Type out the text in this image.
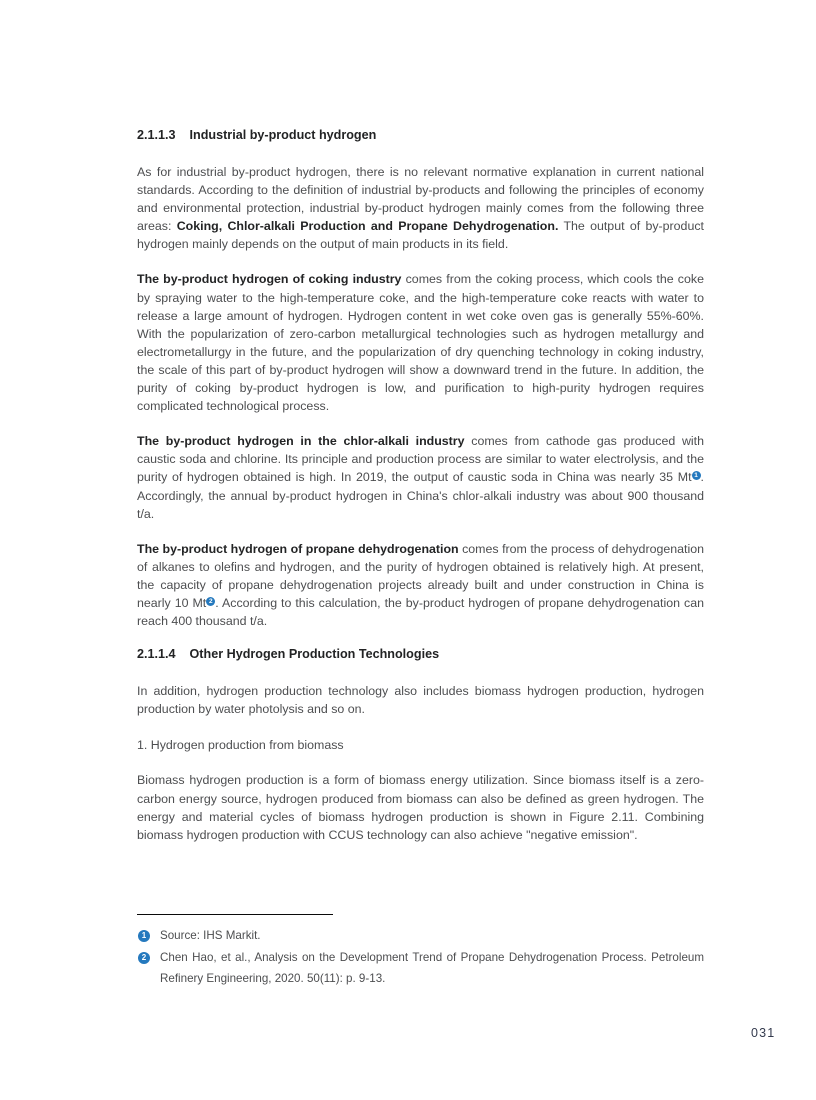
2.1.1.3 Industrial by-product hydrogen
As for industrial by-product hydrogen, there is no relevant normative explanation in current national standards. According to the definition of industrial by-products and following the principles of economy and environmental protection, industrial by-product hydrogen mainly comes from the following three areas: Coking, Chlor-alkali Production and Propane Dehydrogenation. The output of by-product hydrogen mainly depends on the output of main products in its field.
The by-product hydrogen of coking industry comes from the coking process, which cools the coke by spraying water to the high-temperature coke, and the high-temperature coke reacts with water to release a large amount of hydrogen. Hydrogen content in wet coke oven gas is generally 55%-60%. With the popularization of zero-carbon metallurgical technologies such as hydrogen metallurgy and electrometallurgy in the future, and the popularization of dry quenching technology in coking industry, the scale of this part of by-product hydrogen will show a downward trend in the future. In addition, the purity of coking by-product hydrogen is low, and purification to high-purity hydrogen requires complicated technological process.
The by-product hydrogen in the chlor-alkali industry comes from cathode gas produced with caustic soda and chlorine. Its principle and production process are similar to water electrolysis, and the purity of hydrogen obtained is high. In 2019, the output of caustic soda in China was nearly 35 Mt 1 . Accordingly, the annual by-product hydrogen in China's chlor-alkali industry was about 900 thousand t/a.
The by-product hydrogen of propane dehydrogenation comes from the process of dehydrogenation of alkanes to olefins and hydrogen, and the purity of hydrogen obtained is relatively high. At present, the capacity of propane dehydrogenation projects already built and under construction in China is nearly 10 Mt 2 . According to this calculation, the by-product hydrogen of propane dehydrogenation can reach 400 thousand t/a.
2.1.1.4 Other Hydrogen Production Technologies
In addition, hydrogen production technology also includes biomass hydrogen production, hydrogen production by water photolysis and so on.
1. Hydrogen production from biomass
Biomass hydrogen production is a form of biomass energy utilization. Since biomass itself is a zero-carbon energy source, hydrogen produced from biomass can also be defined as green hydrogen. The energy and material cycles of biomass hydrogen production is shown in Figure 2.11. Combining biomass hydrogen production with CCUS technology can also achieve "negative emission".
1	Source: IHS Markit.
2	Chen Hao, et al., Analysis on the Development Trend of Propane Dehydrogenation Process. Petroleum Refinery Engineering, 2020. 50(11): p. 9-13.
031
